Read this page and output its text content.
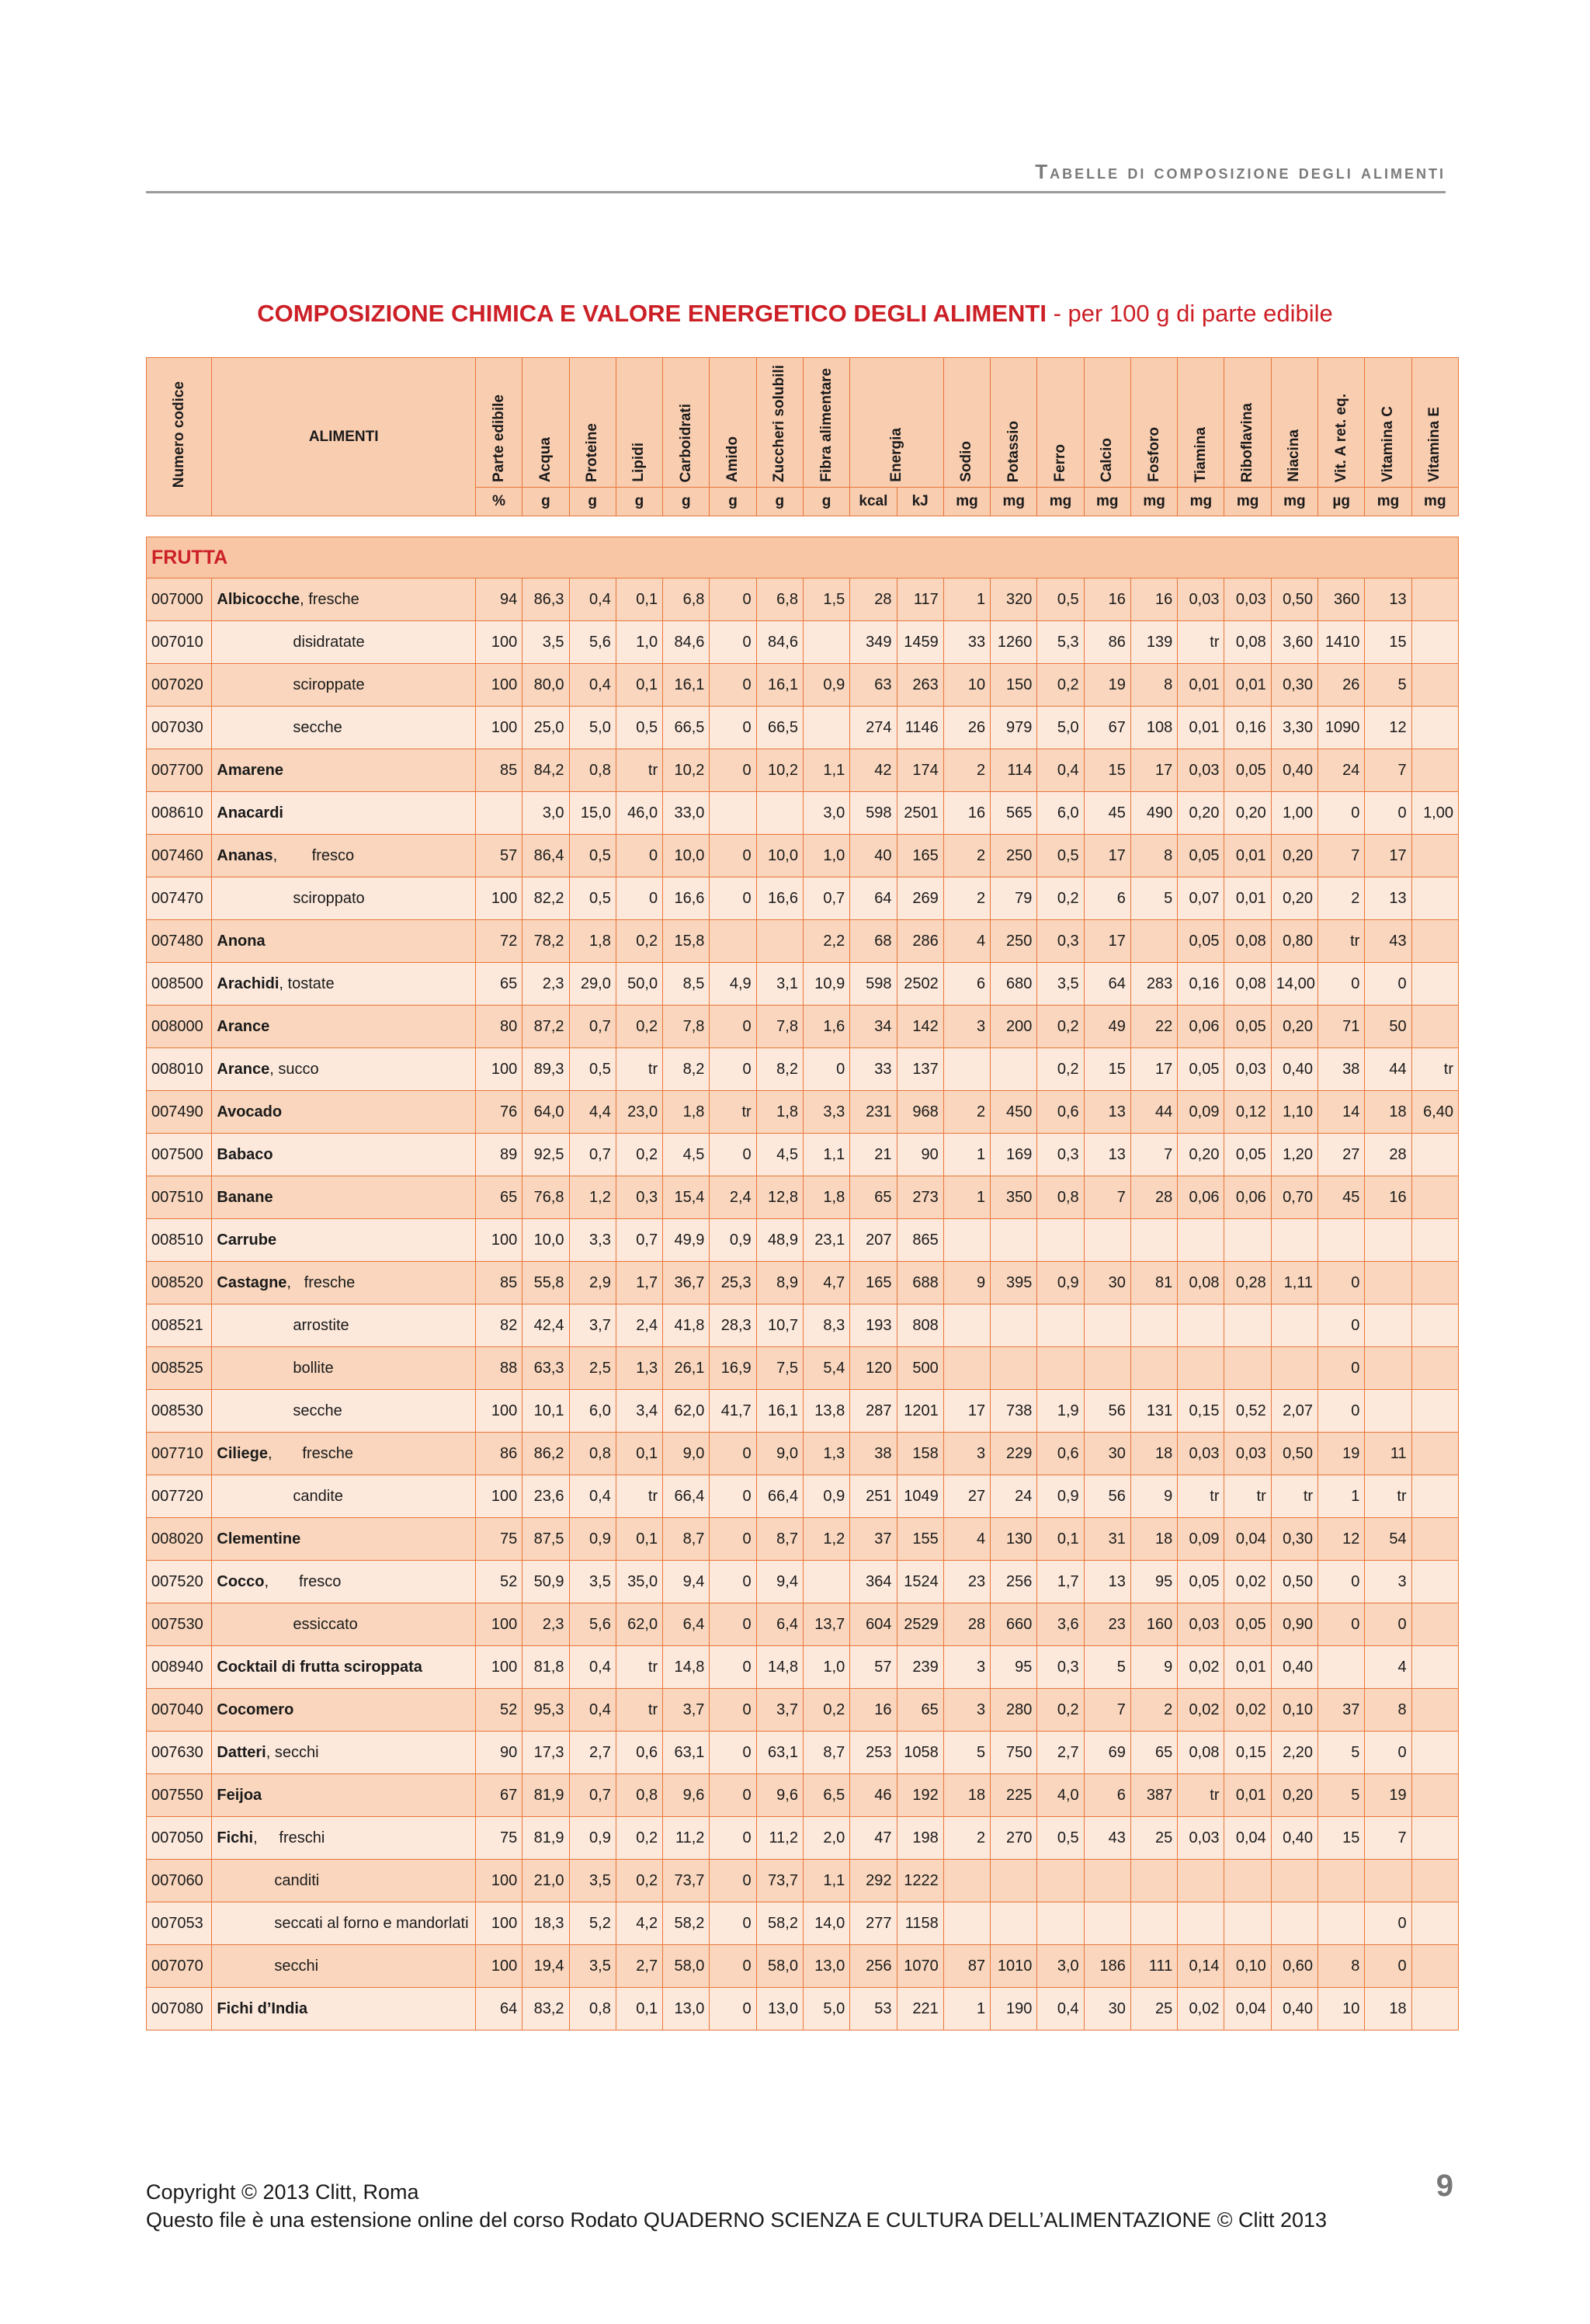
Tabelle di composizione degli alimenti
COMPOSIZIONE CHIMICA E VALORE ENERGETICO DEGLI ALIMENTI - per 100 g di parte edibile
Numero codice	ALIMENTI	Parte edibile	Acqua	Proteine	Lipidi	Carboidrati	Amido	Zuccheri solubili	Fibra alimentare	Energia		Sodio	Potassio	Ferro	Calcio	Fosforo	Tiamina	Riboflavina	Niacina	Vit. A ret. eq.	Vitamina C	Vitamina E
		%	g	g	g	g	g	g	g	kcal	kJ	mg	mg	mg	mg	mg	mg	mg	mg	µg	mg	mg

FRUTTA																						
007000	Albicocche, fresche	94	86,3	0,4	0,1	6,8	0	6,8	1,5	28	117	1	320	0,5	16	16	0,03	0,03	0,50	360	13	
007010	disidratate	100	3,5	5,6	1,0	84,6	0	84,6		349	1459	33	1260	5,3	86	139	tr	0,08	3,60	1410	15	
007020	sciroppate	100	80,0	0,4	0,1	16,1	0	16,1	0,9	63	263	10	150	0,2	19	8	0,01	0,01	0,30	26	5	
007030	secche	100	25,0	5,0	0,5	66,5	0	66,5		274	1146	26	979	5,0	67	108	0,01	0,16	3,30	1090	12	
007700	Amarene	85	84,2	0,8	tr	10,2	0	10,2	1,1	42	174	2	114	0,4	15	17	0,03	0,05	0,40	24	7	
008610	Anacardi		3,0	15,0	46,0	33,0			3,0	598	2501	16	565	6,0	45	490	0,20	0,20	1,00	0	0	1,00
007460	Ananas,        fresco	57	86,4	0,5	0	10,0	0	10,0	1,0	40	165	2	250	0,5	17	8	0,05	0,01	0,20	7	17	
007470	sciroppato	100	82,2	0,5	0	16,6	0	16,6	0,7	64	269	2	79	0,2	6	5	0,07	0,01	0,20	2	13	
007480	Anona	72	78,2	1,8	0,2	15,8			2,2	68	286	4	250	0,3	17		0,05	0,08	0,80	tr	43	
008500	Arachidi, tostate	65	2,3	29,0	50,0	8,5	4,9	3,1	10,9	598	2502	6	680	3,5	64	283	0,16	0,08	14,00	0	0	
008000	Arance	80	87,2	0,7	0,2	7,8	0	7,8	1,6	34	142	3	200	0,2	49	22	0,06	0,05	0,20	71	50	
008010	Arance, succo	100	89,3	0,5	tr	8,2	0	8,2	0	33	137			0,2	15	17	0,05	0,03	0,40	38	44	tr
007490	Avocado	76	64,0	4,4	23,0	1,8	tr	1,8	3,3	231	968	2	450	0,6	13	44	0,09	0,12	1,10	14	18	6,40
007500	Babaco	89	92,5	0,7	0,2	4,5	0	4,5	1,1	21	90	1	169	0,3	13	7	0,20	0,05	1,20	27	28	
007510	Banane	65	76,8	1,2	0,3	15,4	2,4	12,8	1,8	65	273	1	350	0,8	7	28	0,06	0,06	0,70	45	16	
008510	Carrube	100	10,0	3,3	0,7	49,9	0,9	48,9	23,1	207	865											
008520	Castagne,   fresche	85	55,8	2,9	1,7	36,7	25,3	8,9	4,7	165	688	9	395	0,9	30	81	0,08	0,28	1,11	0		
008521	arrostite	82	42,4	3,7	2,4	41,8	28,3	10,7	8,3	193	808									0		
008525	bollite	88	63,3	2,5	1,3	26,1	16,9	7,5	5,4	120	500									0		
008530	secche	100	10,1	6,0	3,4	62,0	41,7	16,1	13,8	287	1201	17	738	1,9	56	131	0,15	0,52	2,07	0		
007710	Ciliege,       fresche	86	86,2	0,8	0,1	9,0	0	9,0	1,3	38	158	3	229	0,6	30	18	0,03	0,03	0,50	19	11	
007720	candite	100	23,6	0,4	tr	66,4	0	66,4	0,9	251	1049	27	24	0,9	56	9	tr	tr	tr	1	tr	
008020	Clementine	75	87,5	0,9	0,1	8,7	0	8,7	1,2	37	155	4	130	0,1	31	18	0,09	0,04	0,30	12	54	
007520	Cocco,       fresco	52	50,9	3,5	35,0	9,4	0	9,4		364	1524	23	256	1,7	13	95	0,05	0,02	0,50	0	3	
007530	essiccato	100	2,3	5,6	62,0	6,4	0	6,4	13,7	604	2529	28	660	3,6	23	160	0,03	0,05	0,90	0	0	
008940	Cocktail di frutta sciroppata	100	81,8	0,4	tr	14,8	0	14,8	1,0	57	239	3	95	0,3	5	9	0,02	0,01	0,40		4	
007040	Cocomero	52	95,3	0,4	tr	3,7	0	3,7	0,2	16	65	3	280	0,2	7	2	0,02	0,02	0,10	37	8	
007630	Datteri, secchi	90	17,3	2,7	0,6	63,1	0	63,1	8,7	253	1058	5	750	2,7	69	65	0,08	0,15	2,20	5	0	
007550	Feijoa	67	81,9	0,7	0,8	9,6	0	9,6	6,5	46	192	18	225	4,0	6	387	tr	0,01	0,20	5	19	
007050	Fichi,     freschi	75	81,9	0,9	0,2	11,2	0	11,2	2,0	47	198	2	270	0,5	43	25	0,03	0,04	0,40	15	7	
007060	canditi	100	21,0	3,5	0,2	73,7	0	73,7	1,1	292	1222											
007053	seccati al forno e mandorlati	100	18,3	5,2	4,2	58,2	0	58,2	14,0	277	1158										0	
007070	secchi	100	19,4	3,5	2,7	58,0	0	58,0	13,0	256	1070	87	1010	3,0	186	111	0,14	0,10	0,60	8	0	
007080	Fichi d’India	64	83,2	0,8	0,1	13,0	0	13,0	5,0	53	221	1	190	0,4	30	25	0,02	0,04	0,40	10	18	
9
Copyright © 2013 Clitt, Roma
Questo file è una estensione online del corso Rodato QUADERNO SCIENZA E CULTURA DELL’ALIMENTAZIONE © Clitt 2013
